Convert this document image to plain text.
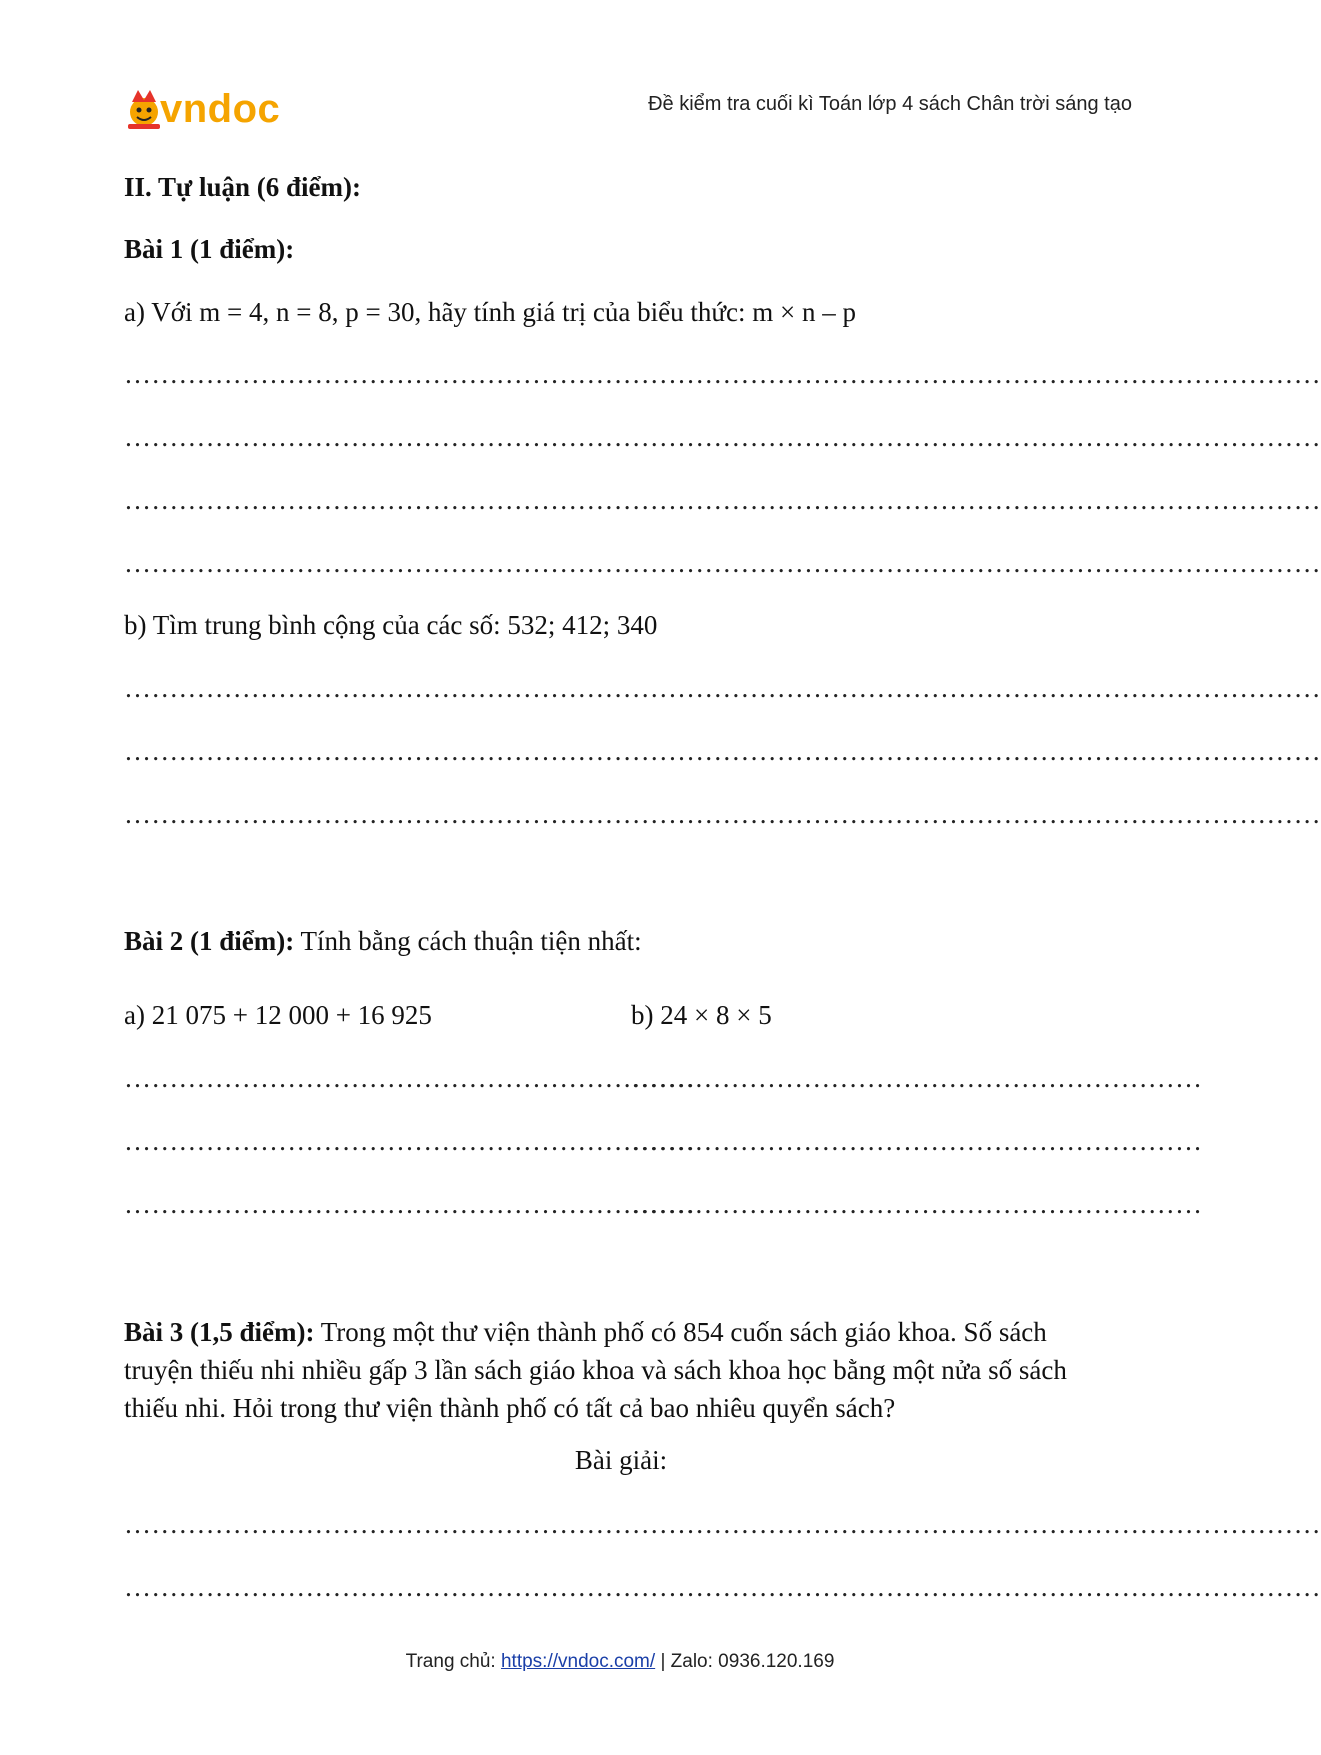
vndoc	Đề kiểm tra cuối kì Toán lớp 4 sách Chân trời sáng tạo
II. Tự luận (6 điểm):
Bài 1 (1 điểm):
a) Với m = 4, n = 8, p = 30, hãy tính giá trị của biểu thức: m × n – p
……………………………………………………………………………………………………………………
……………………………………………………………………………………………………………………
……………………………………………………………………………………………………………………
……………………………………………………………………………………………………………………
b) Tìm trung bình cộng của các số: 532; 412; 340
……………………………………………………………………………………………………………………
……………………………………………………………………………………………………………………
……………………………………………………………………………………………………………………
Bài 2 (1 điểm): Tính bằng cách thuận tiện nhất:
a) 21 075 + 12 000 + 16 925	b) 24 × 8 × 5
………………………………………………………
………………………………………………………
………………………………………………………
………………………………………………………
………………………………………………………
………………………………………………………
Bài 3 (1,5 điểm): Trong một thư viện thành phố có 854 cuốn sách giáo khoa. Số sách truyện thiếu nhi nhiều gấp 3 lần sách giáo khoa và sách khoa học bằng một nửa số sách thiếu nhi. Hỏi trong thư viện thành phố có tất cả bao nhiêu quyển sách?
Bài giải:
……………………………………………………………………………………………………………………
……………………………………………………………………………………………………………………
Trang chủ: https://vndoc.com/ | Zalo: 0936.120.169
